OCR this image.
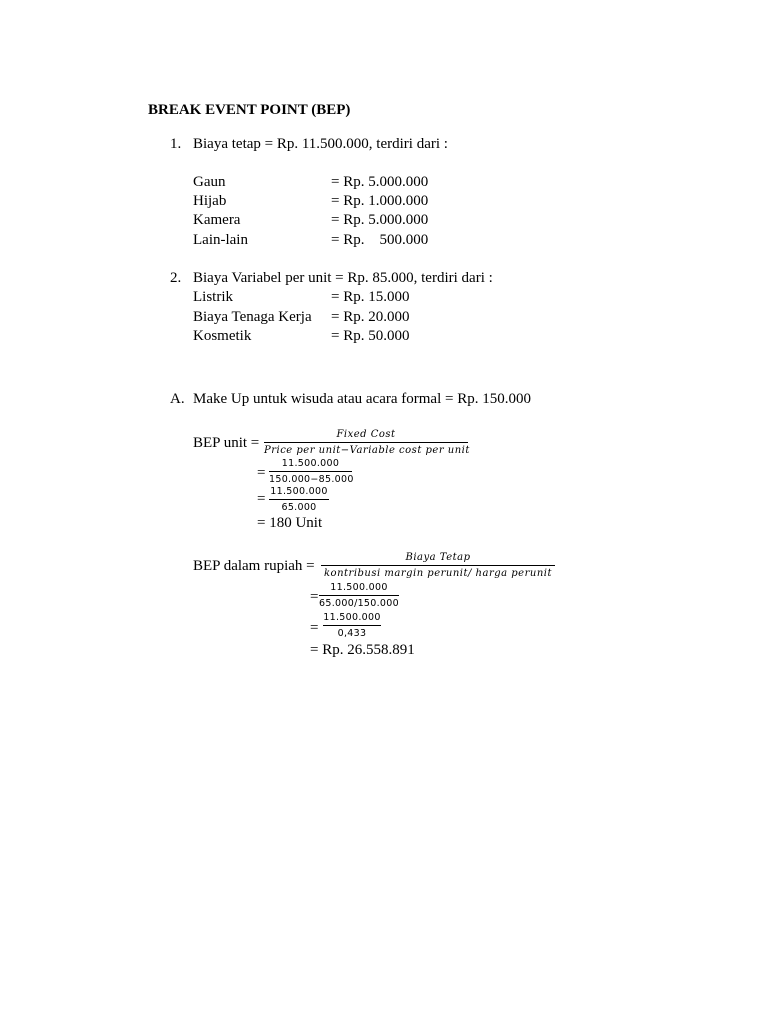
BREAK EVENT POINT (BEP)
1. Biaya tetap = Rp. 11.500.000, terdiri dari :
Gaun	= Rp. 5.000.000
Hijab	= Rp. 1.000.000
Kamera	= Rp. 5.000.000
Lain-lain	= Rp.    500.000
2. Biaya Variabel per unit = Rp. 85.000, terdiri dari :
Listrik	= Rp. 15.000
Biaya Tenaga Kerja = Rp. 20.000
Kosmetik	= Rp. 50.000
A. Make Up untuk wisuda atau acara formal = Rp. 150.000
BEP unit =
Fixed Cost
Price per unit−Variable cost per unit
=
11.500.000
150.000−85.000
= 11.500.000
65.000
= 180 Unit
BEP dalam rupiah =
Biaya Tetap
kontribusi margin perunit/ harga perunit
=
11.500.000
65.000/150.000
=
11.500.000
0,433
= Rp. 26.558.891
